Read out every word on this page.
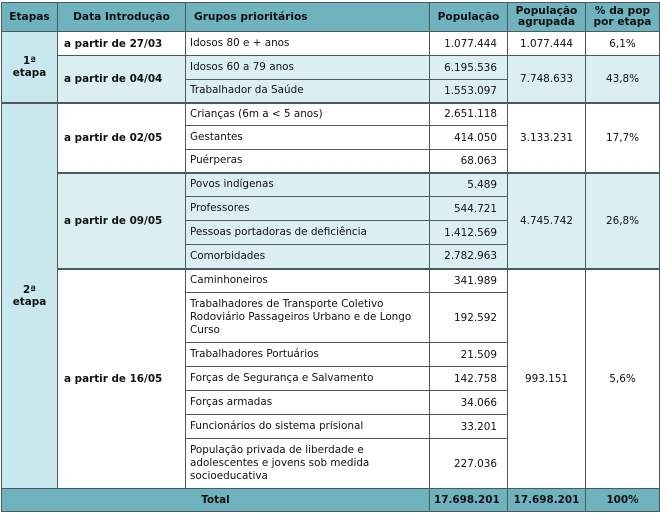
Etapas	Data Introdução	Grupos prioritários	População	População agrupada	% da pop por etapa

1ª
etapa	a partir de 27/03	Idosos 80 e + anos	1.077.444	1.077.444	6,1%
	a partir de 04/04	Idosos 60 a 79 anos	6.195.536	7.748.633	43,8%
		Trabalhador da Saúde	1.553.097		

2ª
etapa	a partir de 02/05	Crianças (6m a < 5 anos)	2.651.118	3.133.231	17,7%
		Gestantes	414.050		
		Puérperas	68.063		
	a partir de 09/05	Povos indígenas	5.489	4.745.742	26,8%
		Professores	544.721		
		Pessoas portadoras de deficiência	1.412.569		
		Comorbidades	2.782.963		
	a partir de 16/05	Caminhoneiros	341.989	993.151	5,6%
		Trabalhadores de Transporte Coletivo Rodoviário Passageiros Urbano e de Longo Curso	192.592		
		Trabalhadores Portuários	21.509		
		Forças de Segurança e Salvamento	142.758		
		Forças armadas	34.066		
		Funcionários do sistema prisional	33.201		
		População privada de liberdade e adolescentes e jovens sob medida socioeducativa	227.036		
Total			17.698.201	17.698.201	100%
